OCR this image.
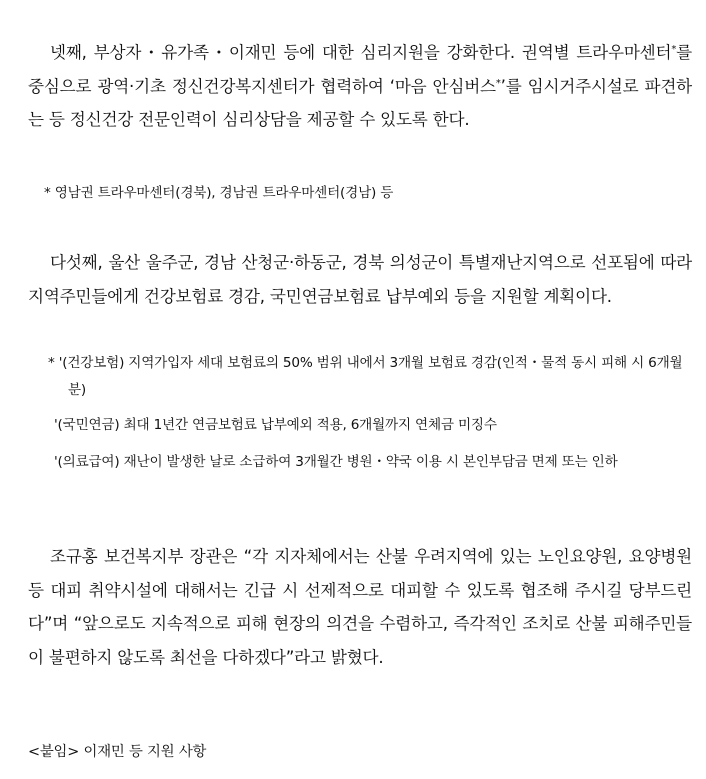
넷째, 부상자・유가족・이재민 등에 대한 심리지원을 강화한다. 권역별 트라우마센터*를 중심으로 광역·기초 정신건강복지센터가 협력하여 ‘마음 안심버스*’를 임시거주시설로 파견하는 등 정신건강 전문인력이 심리상담을 제공할 수 있도록 한다.

* 영남권 트라우마센터(경북), 경남권 트라우마센터(경남) 등

다섯째, 울산 울주군, 경남 산청군·하동군, 경북 의성군이 특별재난지역으로 선포됨에 따라 지역주민들에게 건강보험료 경감, 국민연금보험료 납부예외 등을 지원할 계획이다.

* '(건강보험) 지역가입자 세대 보험료의 50% 범위 내에서 3개월 보험료 경감(인적・물적 동시 피해 시 6개월분)

'(국민연금) 최대 1년간 연금보험료 납부예외 적용, 6개월까지 연체금 미징수

'(의료급여) 재난이 발생한 날로 소급하여 3개월간 병원・약국 이용 시 본인부담금 면제 또는 인하

조규홍 보건복지부 장관은 “각 지자체에서는 산불 우려지역에 있는 노인요양원, 요양병원 등 대피 취약시설에 대해서는 긴급 시 선제적으로 대피할 수 있도록 협조해 주시길 당부드린다”며 “앞으로도 지속적으로 피해 현장의 의견을 수렴하고, 즉각적인 조치로 산불 피해주민들이 불편하지 않도록 최선을 다하겠다”라고 밝혔다.

<붙임> 이재민 등 지원 사항
